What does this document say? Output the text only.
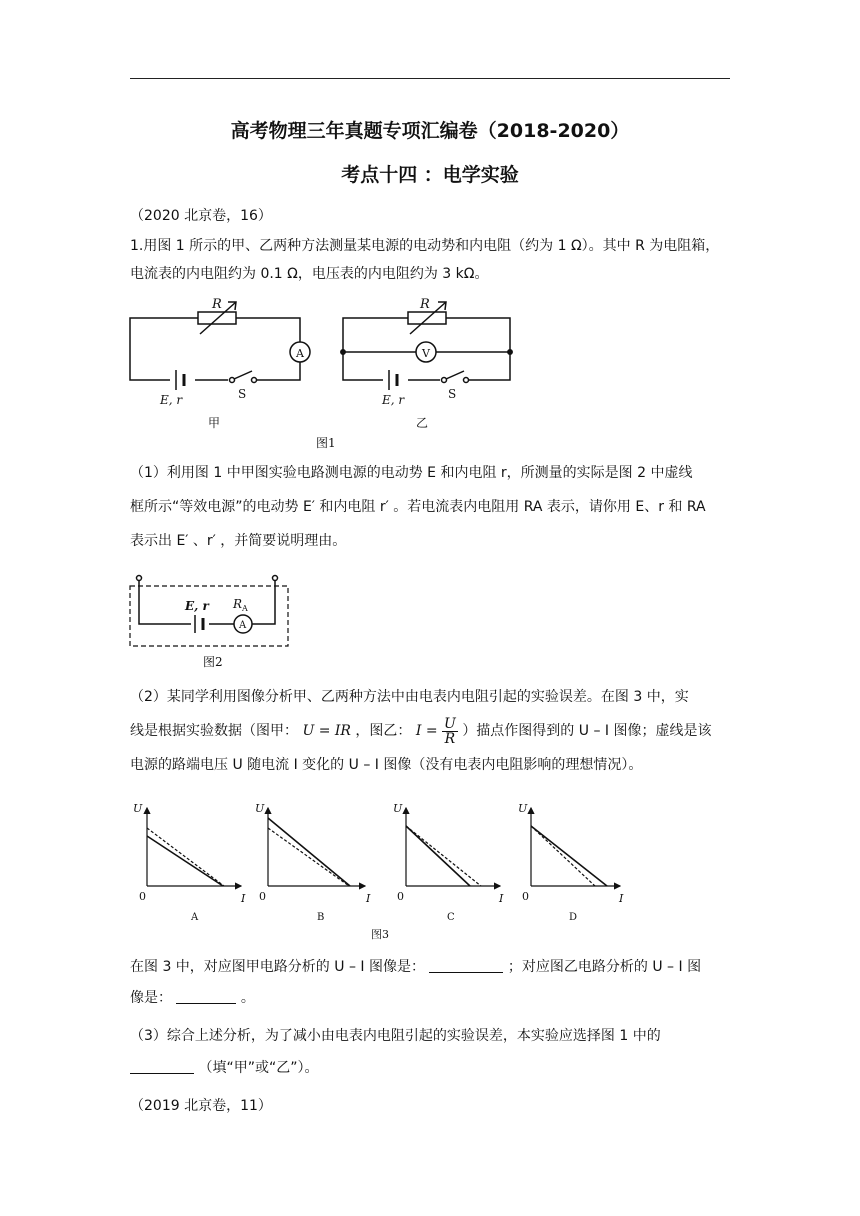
高考物理三年真题专项汇编卷（2018-2020）
考点十四 ：电学实验
（2020 北京卷，16）
1.用图 1 所示的甲、乙两种方法测量某电源的电动势和内电阻（约为 1 Ω）。其中 R 为电阻箱，
电流表的内电阻约为 0.1 Ω，电压表的内电阻约为 3 kΩ。
R
A
E, r	S
甲
R
V
E, r	S
乙
图1
（1）利用图 1 中甲图实验电路测电源的电动势 E 和内电阻 r，所测量的实际是图 2 中虚线
框所示“等效电源”的电动势 E′ 和内电阻 r′ 。若电流表内电阻用 RA 表示，请你用 E、r 和 RA
表示出 E′ 、r′ ，并简要说明理由。
E, r R A
A
图2
（2）某同学利用图像分析甲、乙两种方法中由电表内电阻引起的实验误差。在图 3 中，实
线是根据实验数据（图甲： U = IR ，图乙： $I = \frac{U}{R}$ ）描点作图得到的 U – I 图像；虚线是该
电源的路端电压 U 随电流 I 变化的 U – I 图像（没有电表内电阻影响的理想情况）。
U
0	I
A
U
0	I
B
U
0	I
C
U
0	I
D
图3
在图 3 中，对应图甲电路分析的 U – I 图像是：	；对应图乙电路分析的 U – I 图
像是：	。
（3）综合上述分析，为了减小由电表内电阻引起的实验误差，本实验应选择图 1 中的
（填“甲”或“乙”）。
（2019 北京卷，11）
